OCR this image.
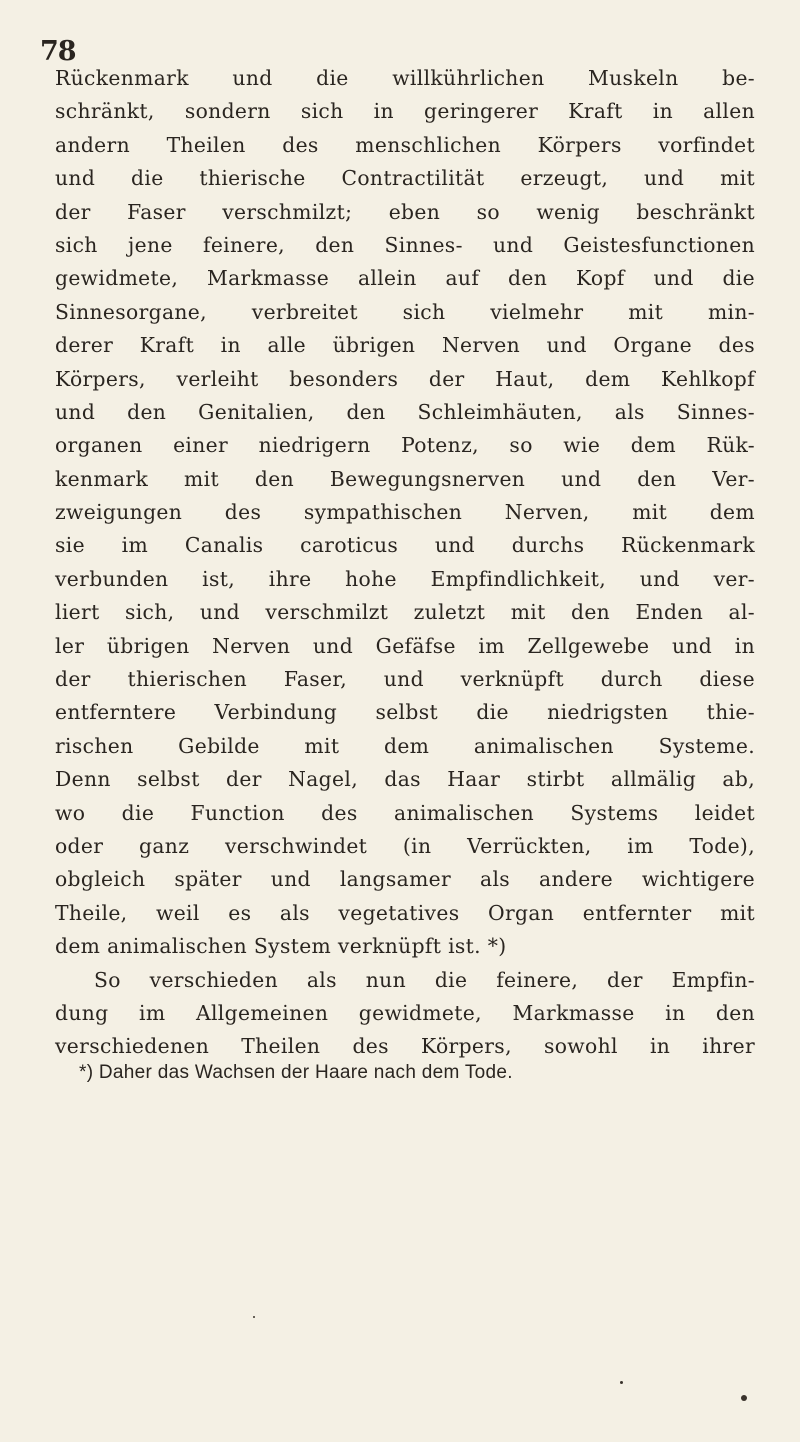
78
Rückenmark und die willkührlichen Muskeln be-
schränkt, sondern sich in geringerer Kraft in allen
andern Theilen des menschlichen Körpers vorfindet
und die thierische Contractilität erzeugt, und mit
der Faser verschmilzt; eben so wenig beschränkt
sich jene feinere, den Sinnes- und Geistesfunctionen
gewidmete, Markmasse allein auf den Kopf und die
Sinnesorgane, verbreitet sich vielmehr mit min-
derer Kraft in alle übrigen Nerven und Organe des
Körpers, verleiht besonders der Haut, dem Kehlkopf
und den Genitalien, den Schleimhäuten, als Sinnes-
organen einer niedrigern Potenz, so wie dem Rük-
kenmark mit den Bewegungsnerven und den Ver-
zweigungen des sympathischen Nerven, mit dem
sie im Canalis caroticus und durchs Rückenmark
verbunden ist, ihre hohe Empfindlichkeit, und ver-
liert sich, und verschmilzt zuletzt mit den Enden al-
ler übrigen Nerven und Gefäfse im Zellgewebe und in
der thierischen Faser, und verknüpft durch diese
entferntere Verbindung selbst die niedrigsten thie-
rischen Gebilde mit dem animalischen Systeme.
Denn selbst der Nagel, das Haar stirbt allmälig ab,
wo die Function des animalischen Systems leidet
oder ganz verschwindet (in Verrückten, im Tode),
obgleich später und langsamer als andere wichtigere
Theile, weil es als vegetatives Organ entfernter mit
dem animalischen System verknüpft ist. *)
So verschieden als nun die feinere, der Empfin-
dung im Allgemeinen gewidmete, Markmasse in den
verschiedenen Theilen des Körpers, sowohl in ihrer
*) Daher das Wachsen der Haare nach dem Tode.
